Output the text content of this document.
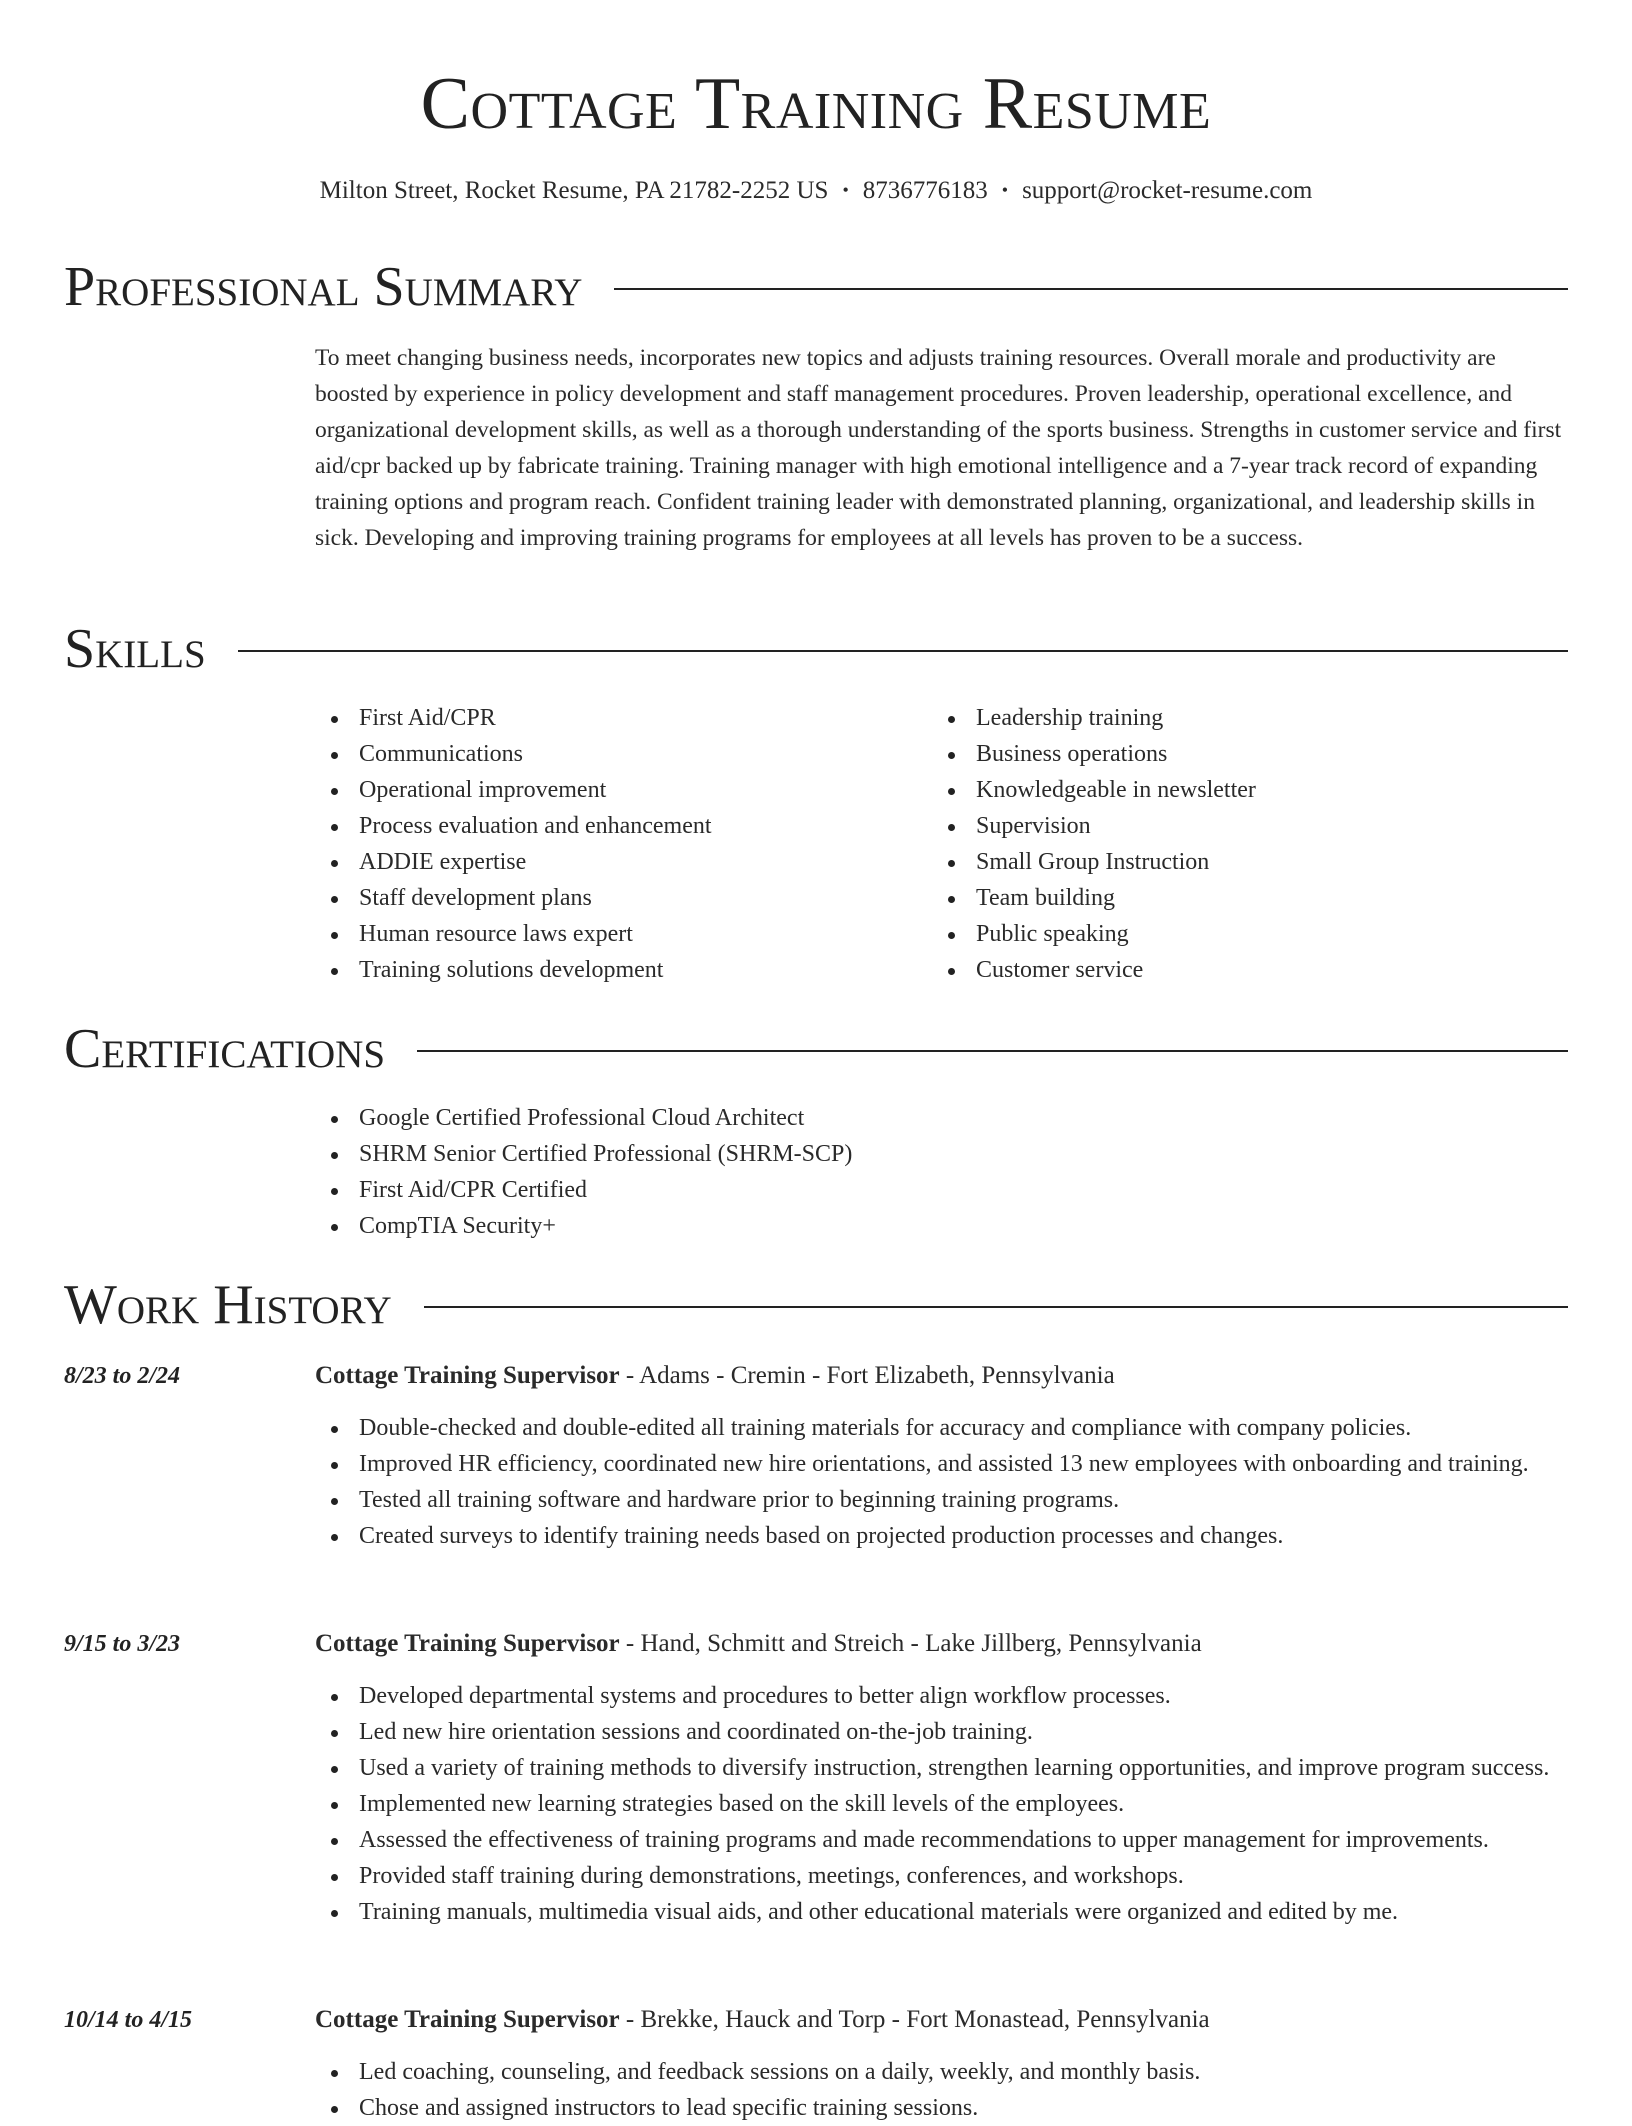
Cottage Training Resume
Milton Street, Rocket Resume, PA 21782-2252 US • 8736776183 • support@rocket-resume.com
Professional Summary
To meet changing business needs, incorporates new topics and adjusts training resources. Overall morale and productivity are boosted by experience in policy development and staff management procedures. Proven leadership, operational excellence, and organizational development skills, as well as a thorough understanding of the sports business. Strengths in customer service and first aid/cpr backed up by fabricate training. Training manager with high emotional intelligence and a 7-year track record of expanding training options and program reach. Confident training leader with demonstrated planning, organizational, and leadership skills in sick. Developing and improving training programs for employees at all levels has proven to be a success.
Skills
First Aid/CPR
Communications
Operational improvement
Process evaluation and enhancement
ADDIE expertise
Staff development plans
Human resource laws expert
Training solutions development
Leadership training
Business operations
Knowledgeable in newsletter
Supervision
Small Group Instruction
Team building
Public speaking
Customer service
Certifications
Google Certified Professional Cloud Architect
SHRM Senior Certified Professional (SHRM-SCP)
First Aid/CPR Certified
CompTIA Security+
Work History
8/23 to 2/24	Cottage Training Supervisor - Adams - Cremin - Fort Elizabeth, Pennsylvania
Double-checked and double-edited all training materials for accuracy and compliance with company policies.
Improved HR efficiency, coordinated new hire orientations, and assisted 13 new employees with onboarding and training.
Tested all training software and hardware prior to beginning training programs.
Created surveys to identify training needs based on projected production processes and changes.
9/15 to 3/23	Cottage Training Supervisor - Hand, Schmitt and Streich - Lake Jillberg, Pennsylvania
Developed departmental systems and procedures to better align workflow processes.
Led new hire orientation sessions and coordinated on-the-job training.
Used a variety of training methods to diversify instruction, strengthen learning opportunities, and improve program success.
Implemented new learning strategies based on the skill levels of the employees.
Assessed the effectiveness of training programs and made recommendations to upper management for improvements.
Provided staff training during demonstrations, meetings, conferences, and workshops.
Training manuals, multimedia visual aids, and other educational materials were organized and edited by me.
10/14 to 4/15	Cottage Training Supervisor - Brekke, Hauck and Torp - Fort Monastead, Pennsylvania
Led coaching, counseling, and feedback sessions on a daily, weekly, and monthly basis.
Chose and assigned instructors to lead specific training sessions.
